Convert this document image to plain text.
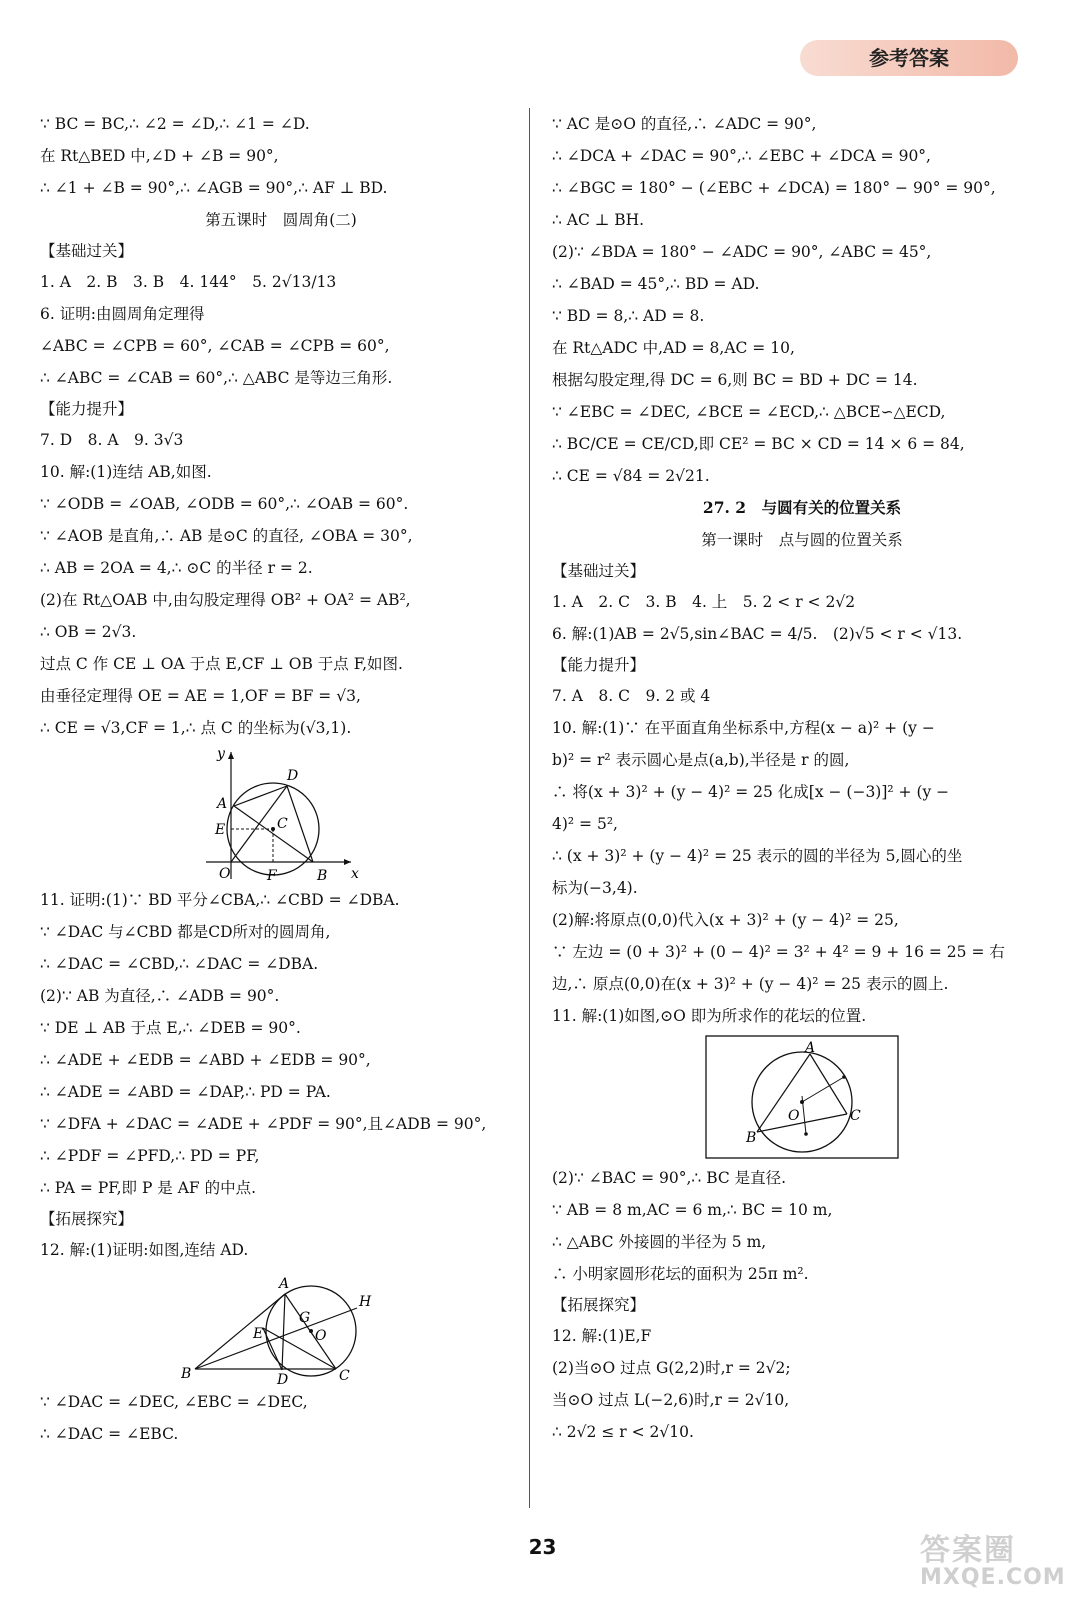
参考答案
∵ BC = BC,∴ ∠2 = ∠D,∴ ∠1 = ∠D.
在 Rt△BED 中,∠D + ∠B = 90°,
∴ ∠1 + ∠B = 90°,∴ ∠AGB = 90°,∴ AF ⊥ BD.
第五课时　圆周角(二)
【基础过关】
1. A　2. B　3. B　4. 144°　5. 2√13/13
6. 证明:由圆周角定理得
∠ABC = ∠CPB = 60°, ∠CAB = ∠CPB = 60°,
∴ ∠ABC = ∠CAB = 60°,∴ △ABC 是等边三角形.
【能力提升】
7. D　8. A　9. 3√3
10. 解:(1)连结 AB,如图.
∵ ∠ODB = ∠OAB, ∠ODB = 60°,∴ ∠OAB = 60°.
∵ ∠AOB 是直角,∴ AB 是⊙C 的直径, ∠OBA = 30°,
∴ AB = 2OA = 4,∴ ⊙C 的半径 r = 2.
(2)在 Rt△OAB 中,由勾股定理得 OB² + OA² = AB²,
∴ OB = 2√3.
过点 C 作 CE ⊥ OA 于点 E,CF ⊥ OB 于点 F,如图.
由垂径定理得 OE = AE = 1,OF = BF = √3,
∴ CE = √3,CF = 1,∴ 点 C 的坐标为(√3,1).
y
x
A
D
E	C
O	F	B
11. 证明:(1)∵ BD 平分∠CBA,∴ ∠CBD = ∠DBA.
∵ ∠DAC 与∠CBD 都是CD所对的圆周角,
∴ ∠DAC = ∠CBD,∴ ∠DAC = ∠DBA.
(2)∵ AB 为直径,∴ ∠ADB = 90°.
∵ DE ⊥ AB 于点 E,∴ ∠DEB = 90°.
∴ ∠ADE + ∠EDB = ∠ABD + ∠EDB = 90°,
∴ ∠ADE = ∠ABD = ∠DAP,∴ PD = PA.
∵ ∠DFA + ∠DAC = ∠ADE + ∠PDF = 90°,且∠ADB = 90°,
∴ ∠PDF = ∠PFD,∴ PD = PF,
∴ PA = PF,即 P 是 AF 的中点.
【拓展探究】
12. 解:(1)证明:如图,连结 AD.
A
H
G
O
E
B	D	C
∵ ∠DAC = ∠DEC, ∠EBC = ∠DEC,
∴ ∠DAC = ∠EBC.
∵ AC 是⊙O 的直径,∴ ∠ADC = 90°,
∴ ∠DCA + ∠DAC = 90°,∴ ∠EBC + ∠DCA = 90°,
∴ ∠BGC = 180° − (∠EBC + ∠DCA) = 180° − 90° = 90°,
∴ AC ⊥ BH.
(2)∵ ∠BDA = 180° − ∠ADC = 90°, ∠ABC = 45°,
∴ ∠BAD = 45°,∴ BD = AD.
∵ BD = 8,∴ AD = 8.
在 Rt△ADC 中,AD = 8,AC = 10,
根据勾股定理,得 DC = 6,则 BC = BD + DC = 14.
∵ ∠EBC = ∠DEC, ∠BCE = ∠ECD,∴ △BCE∽△ECD,
∴ BC/CE = CE/CD,即 CE² = BC × CD = 14 × 6 = 84,
∴ CE = √84 = 2√21.
27. 2　与圆有关的位置关系
第一课时　点与圆的位置关系
【基础过关】
1. A　2. C　3. B　4. 上　5. 2 < r < 2√2
6. 解:(1)AB = 2√5,sin∠BAC = 4/5.　(2)√5 < r < √13.
【能力提升】
7. A　8. C　9. 2 或 4
10. 解:(1)∵ 在平面直角坐标系中,方程(x − a)² + (y −
b)² = r² 表示圆心是点(a,b),半径是 r 的圆,
∴ 将(x + 3)² + (y − 4)² = 25 化成[x − (−3)]² + (y −
4)² = 5²,
∴ (x + 3)² + (y − 4)² = 25 表示的圆的半径为 5,圆心的坐
标为(−3,4).
(2)解:将原点(0,0)代入(x + 3)² + (y − 4)² = 25,
∵ 左边 = (0 + 3)² + (0 − 4)² = 3² + 4² = 9 + 16 = 25 = 右
边,∴ 原点(0,0)在(x + 3)² + (y − 4)² = 25 表示的圆上.
11. 解:(1)如图,⊙O 即为所求作的花坛的位置.
A
O
B
C
(2)∵ ∠BAC = 90°,∴ BC 是直径.
∵ AB = 8 m,AC = 6 m,∴ BC = 10 m,
∴ △ABC 外接圆的半径为 5 m,
∴ 小明家圆形花坛的面积为 25π m².
【拓展探究】
12. 解:(1)E,F
(2)当⊙O 过点 G(2,2)时,r = 2√2;
当⊙O 过点 L(−2,6)时,r = 2√10,
∴ 2√2 ≤ r < 2√10.
23	答案圈
MXQE.COM
